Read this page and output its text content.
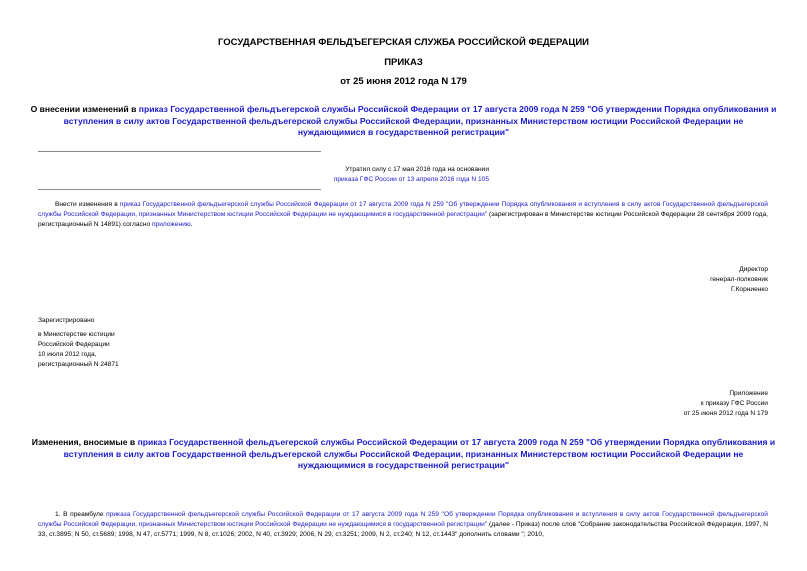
ГОСУДАРСТВЕННАЯ ФЕЛЬДЪЕГЕРСКАЯ СЛУЖБА РОССИЙСКОЙ ФЕДЕРАЦИИ
ПРИКАЗ
от 25 июня 2012 года N 179
О внесении изменений в приказ Государственной фельдъегерской службы Российской Федерации от 17 августа 2009 года N 259 "Об утверждении Порядка опубликования и вступления в силу актов Государственной фельдъегерской службы Российской Федерации, признанных Министерством юстиции Российской Федерации не нуждающимися в государственной регистрации"
Утратил силу с 17 мая 2016 года на основании
приказа ГФС России от 13 апреля 2016 года N 105
Внести изменения в приказ Государственной фельдъегерской службы Российской Федерации от 17 августа 2009 года N 259 "Об утверждении Порядка опубликования и вступления в силу актов Государственной фельдъегерской службы Российской Федерации, признанных Министерством юстиции Российской Федерации не нуждающимися в государственной регистрации" (зарегистрирован в Министерстве юстиции Российской Федерации 28 сентября 2009 года, регистрационный N 14891) согласно приложению.
Директор
генерал-полковник
Г.Корниенко
Зарегистрировано
в Министерстве юстиции
Российской Федерации
10 июля 2012 года,
регистрационный N 24871
Приложение
к приказу ГФС России
от 25 июня 2012 года N 179
Изменения, вносимые в приказ Государственной фельдъегерской службы Российской Федерации от 17 августа 2009 года N 259 "Об утверждении Порядка опубликования и вступления в силу актов Государственной фельдъегерской службы Российской Федерации, признанных Министерством юстиции Российской Федерации не нуждающимися в государственной регистрации"
1. В преамбуле приказа Государственной фельдъегерской службы Российской Федерации от 17 августа 2009 года N 259 "Об утверждении Порядка опубликования и вступления в силу актов Государственной фельдъегерской службы Российской Федерации, признанных Министерством юстиции Российской Федерации не нуждающимися в государственной регистрации" (далее - Приказ) после слов "Собрание законодательства Российской Федерации, 1997, N 33, ст.3895; N 50, ст.5689; 1998, N 47, ст.5771; 1999, N 8, ст.1026; 2002, N 40, ст.3929; 2006, N 29, ст.3251; 2009, N 2, ст.240; N 12, ст.1443" дополнить словами "; 2010,
